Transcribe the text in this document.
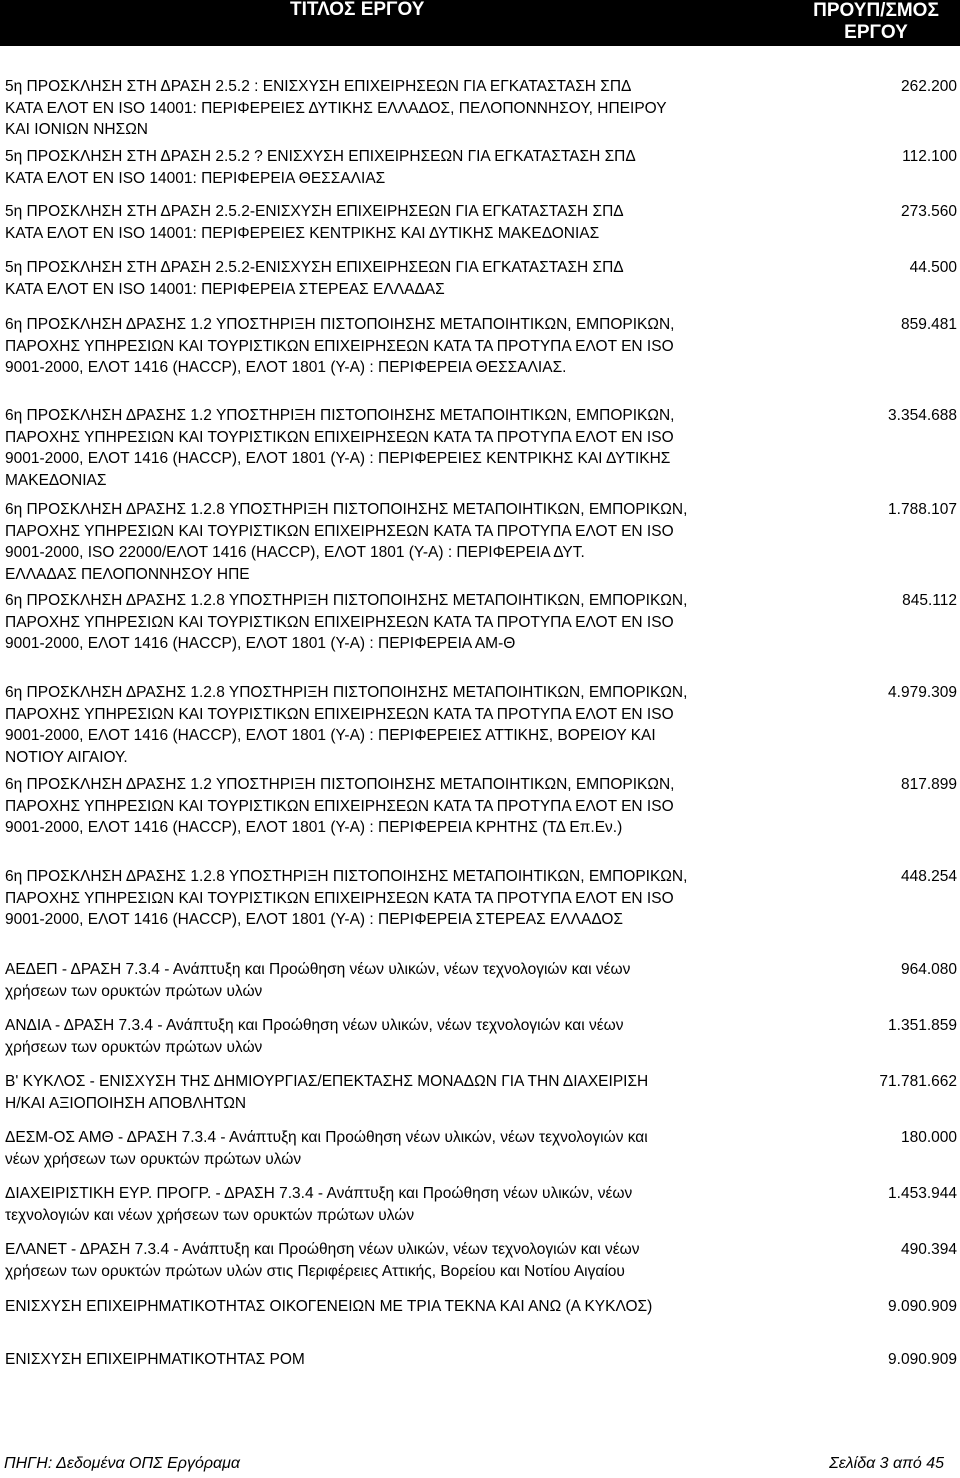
ΤΙΤΛΟΣ ΕΡΓΟΥ	ΠΡΟΥΠ/ΣΜΟΣ ΕΡΓΟΥ
5η ΠΡΟΣΚΛΗΣΗ ΣΤΗ ΔΡΑΣΗ 2.5.2 : ΕΝΙΣΧΥΣΗ ΕΠΙΧΕΙΡΗΣΕΩΝ ΓΙΑ ΕΓΚΑΤΑΣΤΑΣΗ ΣΠΔ
ΚΑΤΑ ΕΛΟΤ ΕΝ ISO 14001: ΠΕΡΙΦΕΡΕΙΕΣ ΔΥΤΙΚΗΣ ΕΛΛΑΔΟΣ, ΠΕΛΟΠΟΝΝΗΣΟΥ, ΗΠΕΙΡΟΥ
ΚΑΙ ΙΟΝΙΩΝ ΝΗΣΩΝ
262.200
5η ΠΡΟΣΚΛΗΣΗ ΣΤΗ ΔΡΑΣΗ 2.5.2 ? ΕΝΙΣΧΥΣΗ ΕΠΙΧΕΙΡΗΣΕΩΝ ΓΙΑ ΕΓΚΑΤΑΣΤΑΣΗ ΣΠΔ
ΚΑΤΑ ΕΛΟΤ ΕΝ ISO 14001: ΠΕΡΙΦΕΡΕΙΑ ΘΕΣΣΑΛΙΑΣ
112.100
5η ΠΡΟΣΚΛΗΣΗ ΣΤΗ ΔΡΑΣΗ 2.5.2-ΕΝΙΣΧΥΣΗ ΕΠΙΧΕΙΡΗΣΕΩΝ ΓΙΑ ΕΓΚΑΤΑΣΤΑΣΗ ΣΠΔ
ΚΑΤΑ ΕΛΟΤ ΕΝ ISO 14001: ΠΕΡΙΦΕΡΕΙΕΣ ΚΕΝΤΡΙΚΗΣ ΚΑΙ ΔΥΤΙΚΗΣ ΜΑΚΕΔΟΝΙΑΣ
273.560
5η ΠΡΟΣΚΛΗΣΗ ΣΤΗ ΔΡΑΣΗ 2.5.2-ΕΝΙΣΧΥΣΗ ΕΠΙΧΕΙΡΗΣΕΩΝ ΓΙΑ ΕΓΚΑΤΑΣΤΑΣΗ ΣΠΔ
ΚΑΤΑ ΕΛΟΤ ΕΝ ISO 14001: ΠΕΡΙΦΕΡΕΙΑ ΣΤΕΡΕΑΣ ΕΛΛΑΔΑΣ
44.500
6η ΠΡΟΣΚΛΗΣΗ ΔΡΑΣΗΣ 1.2 ΥΠΟΣΤΗΡΙΞΗ ΠΙΣΤΟΠΟΙΗΣΗΣ ΜΕΤΑΠΟΙΗΤΙΚΩΝ, ΕΜΠΟΡΙΚΩΝ,
ΠΑΡΟΧΗΣ ΥΠΗΡΕΣΙΩΝ ΚΑΙ ΤΟΥΡΙΣΤΙΚΩΝ ΕΠΙΧΕΙΡΗΣΕΩΝ ΚΑΤΑ ΤΑ ΠΡΟΤΥΠΑ ΕΛΟΤ ΕΝ ISO
9001-2000, ΕΛΟΤ 1416 (HACCP), ΕΛΟΤ 1801 (Υ-Α) : ΠΕΡΙΦΕΡΕΙΑ ΘΕΣΣΑΛΙΑΣ.
859.481
6η ΠΡΟΣΚΛΗΣΗ ΔΡΑΣΗΣ 1.2 ΥΠΟΣΤΗΡΙΞΗ ΠΙΣΤΟΠΟΙΗΣΗΣ ΜΕΤΑΠΟΙΗΤΙΚΩΝ, ΕΜΠΟΡΙΚΩΝ,
ΠΑΡΟΧΗΣ ΥΠΗΡΕΣΙΩΝ ΚΑΙ ΤΟΥΡΙΣΤΙΚΩΝ ΕΠΙΧΕΙΡΗΣΕΩΝ ΚΑΤΑ ΤΑ ΠΡΟΤΥΠΑ ΕΛΟΤ ΕΝ ISO
9001-2000, ΕΛΟΤ 1416 (HACCP), ΕΛΟΤ 1801 (Υ-Α) : ΠΕΡΙΦΕΡΕΙΕΣ ΚΕΝΤΡΙΚΗΣ ΚΑΙ ΔΥΤΙΚΗΣ
ΜΑΚΕΔΟΝΙΑΣ
3.354.688
6η ΠΡΟΣΚΛΗΣΗ ΔΡΑΣΗΣ 1.2.8 ΥΠΟΣΤΗΡΙΞΗ ΠΙΣΤΟΠΟΙΗΣΗΣ ΜΕΤΑΠΟΙΗΤΙΚΩΝ, ΕΜΠΟΡΙΚΩΝ,
ΠΑΡΟΧΗΣ ΥΠΗΡΕΣΙΩΝ ΚΑΙ ΤΟΥΡΙΣΤΙΚΩΝ ΕΠΙΧΕΙΡΗΣΕΩΝ ΚΑΤΑ ΤΑ ΠΡΟΤΥΠΑ ΕΛΟΤ ΕΝ ISO
9001-2000, ISO 22000/ΕΛΟΤ 1416 (HACCP), ΕΛΟΤ 1801 (Υ-Α) : ΠΕΡΙΦΕΡΕΙΑ ΔΥΤ.
ΕΛΛΑΔΑΣ ΠΕΛΟΠΟΝΝΗΣΟΥ ΗΠΕ
1.788.107
6η ΠΡΟΣΚΛΗΣΗ ΔΡΑΣΗΣ 1.2.8 ΥΠΟΣΤΗΡΙΞΗ ΠΙΣΤΟΠΟΙΗΣΗΣ ΜΕΤΑΠΟΙΗΤΙΚΩΝ, ΕΜΠΟΡΙΚΩΝ,
ΠΑΡΟΧΗΣ ΥΠΗΡΕΣΙΩΝ ΚΑΙ ΤΟΥΡΙΣΤΙΚΩΝ ΕΠΙΧΕΙΡΗΣΕΩΝ ΚΑΤΑ ΤΑ ΠΡΟΤΥΠΑ ΕΛΟΤ ΕΝ ISO
9001-2000, ΕΛΟΤ 1416 (HACCP), ΕΛΟΤ 1801 (Υ-Α) : ΠΕΡΙΦΕΡΕΙΑ ΑΜ-Θ
845.112
6η ΠΡΟΣΚΛΗΣΗ ΔΡΑΣΗΣ 1.2.8 ΥΠΟΣΤΗΡΙΞΗ ΠΙΣΤΟΠΟΙΗΣΗΣ ΜΕΤΑΠΟΙΗΤΙΚΩΝ, ΕΜΠΟΡΙΚΩΝ,
ΠΑΡΟΧΗΣ ΥΠΗΡΕΣΙΩΝ ΚΑΙ ΤΟΥΡΙΣΤΙΚΩΝ ΕΠΙΧΕΙΡΗΣΕΩΝ ΚΑΤΑ ΤΑ ΠΡΟΤΥΠΑ ΕΛΟΤ ΕΝ ISO
9001-2000, ΕΛΟΤ 1416 (HACCP), ΕΛΟΤ 1801 (Υ-Α) : ΠΕΡΙΦΕΡΕΙΕΣ ΑΤΤΙΚΗΣ, ΒΟΡΕΙΟΥ ΚΑΙ
ΝΟΤΙΟΥ ΑΙΓΑΙΟΥ.
4.979.309
6η ΠΡΟΣΚΛΗΣΗ ΔΡΑΣΗΣ 1.2 ΥΠΟΣΤΗΡΙΞΗ ΠΙΣΤΟΠΟΙΗΣΗΣ ΜΕΤΑΠΟΙΗΤΙΚΩΝ, ΕΜΠΟΡΙΚΩΝ,
ΠΑΡΟΧΗΣ ΥΠΗΡΕΣΙΩΝ ΚΑΙ ΤΟΥΡΙΣΤΙΚΩΝ ΕΠΙΧΕΙΡΗΣΕΩΝ ΚΑΤΑ ΤΑ ΠΡΟΤΥΠΑ ΕΛΟΤ ΕΝ ISO
9001-2000, ΕΛΟΤ 1416 (HACCP), ΕΛΟΤ 1801 (Υ-Α) : ΠΕΡΙΦΕΡΕΙΑ ΚΡΗΤΗΣ (ΤΔ Επ.Εν.)
817.899
6η ΠΡΟΣΚΛΗΣΗ ΔΡΑΣΗΣ 1.2.8 ΥΠΟΣΤΗΡΙΞΗ ΠΙΣΤΟΠΟΙΗΣΗΣ ΜΕΤΑΠΟΙΗΤΙΚΩΝ, ΕΜΠΟΡΙΚΩΝ,
ΠΑΡΟΧΗΣ ΥΠΗΡΕΣΙΩΝ ΚΑΙ ΤΟΥΡΙΣΤΙΚΩΝ ΕΠΙΧΕΙΡΗΣΕΩΝ ΚΑΤΑ ΤΑ ΠΡΟΤΥΠΑ ΕΛΟΤ ΕΝ ISO
9001-2000, ΕΛΟΤ 1416 (HACCP), ΕΛΟΤ 1801 (Υ-Α) : ΠΕΡΙΦΕΡΕΙΑ ΣΤΕΡΕΑΣ ΕΛΛΑΔΟΣ
448.254
ΑΕΔΕΠ - ΔΡΑΣΗ 7.3.4 - Ανάπτυξη και Προώθηση νέων υλικών, νέων τεχνολογιών και νέων
χρήσεων των ορυκτών πρώτων υλών
964.080
ΑΝΔΙΑ - ΔΡΑΣΗ 7.3.4 - Ανάπτυξη και Προώθηση νέων υλικών, νέων τεχνολογιών και νέων
χρήσεων των ορυκτών πρώτων υλών
1.351.859
Β' ΚΥΚΛΟΣ - ΕΝΙΣΧΥΣΗ ΤΗΣ ΔΗΜΙΟΥΡΓΙΑΣ/ΕΠΕΚΤΑΣΗΣ ΜΟΝΑΔΩΝ ΓΙΑ ΤΗΝ ΔΙΑΧΕΙΡΙΣΗ
Η/ΚΑΙ ΑΞΙΟΠΟΙΗΣΗ ΑΠΟΒΛΗΤΩΝ
71.781.662
ΔΕΣΜ-ΟΣ ΑΜΘ - ΔΡΑΣΗ 7.3.4 - Ανάπτυξη και Προώθηση νέων υλικών, νέων τεχνολογιών και
νέων χρήσεων των ορυκτών πρώτων υλών
180.000
ΔΙΑΧΕΙΡΙΣΤΙΚΗ ΕΥΡ. ΠΡΟΓΡ. - ΔΡΑΣΗ 7.3.4 - Ανάπτυξη και Προώθηση νέων υλικών, νέων
τεχνολογιών και νέων χρήσεων των ορυκτών πρώτων υλών
1.453.944
ΕΛΑΝΕΤ - ΔΡΑΣΗ 7.3.4 - Ανάπτυξη και Προώθηση νέων υλικών, νέων τεχνολογιών και νέων
χρήσεων των ορυκτών πρώτων υλών στις Περιφέρειες Αττικής, Βορείου και Νοτίου Αιγαίου
490.394
ΕΝΙΣΧΥΣΗ ΕΠΙΧΕΙΡΗΜΑΤΙΚΟΤΗΤΑΣ ΟΙΚΟΓΕΝΕΙΩΝ ΜΕ ΤΡΙΑ ΤΕΚΝΑ ΚΑΙ ΑΝΩ (Α ΚΥΚΛΟΣ)	9.090.909
ΕΝΙΣΧΥΣΗ ΕΠΙΧΕΙΡΗΜΑΤΙΚΟΤΗΤΑΣ ΡΟΜ	9.090.909
ΠΗΓΗ: Δεδομένα ΟΠΣ Εργόραμα	Σελίδα 3 από 45
